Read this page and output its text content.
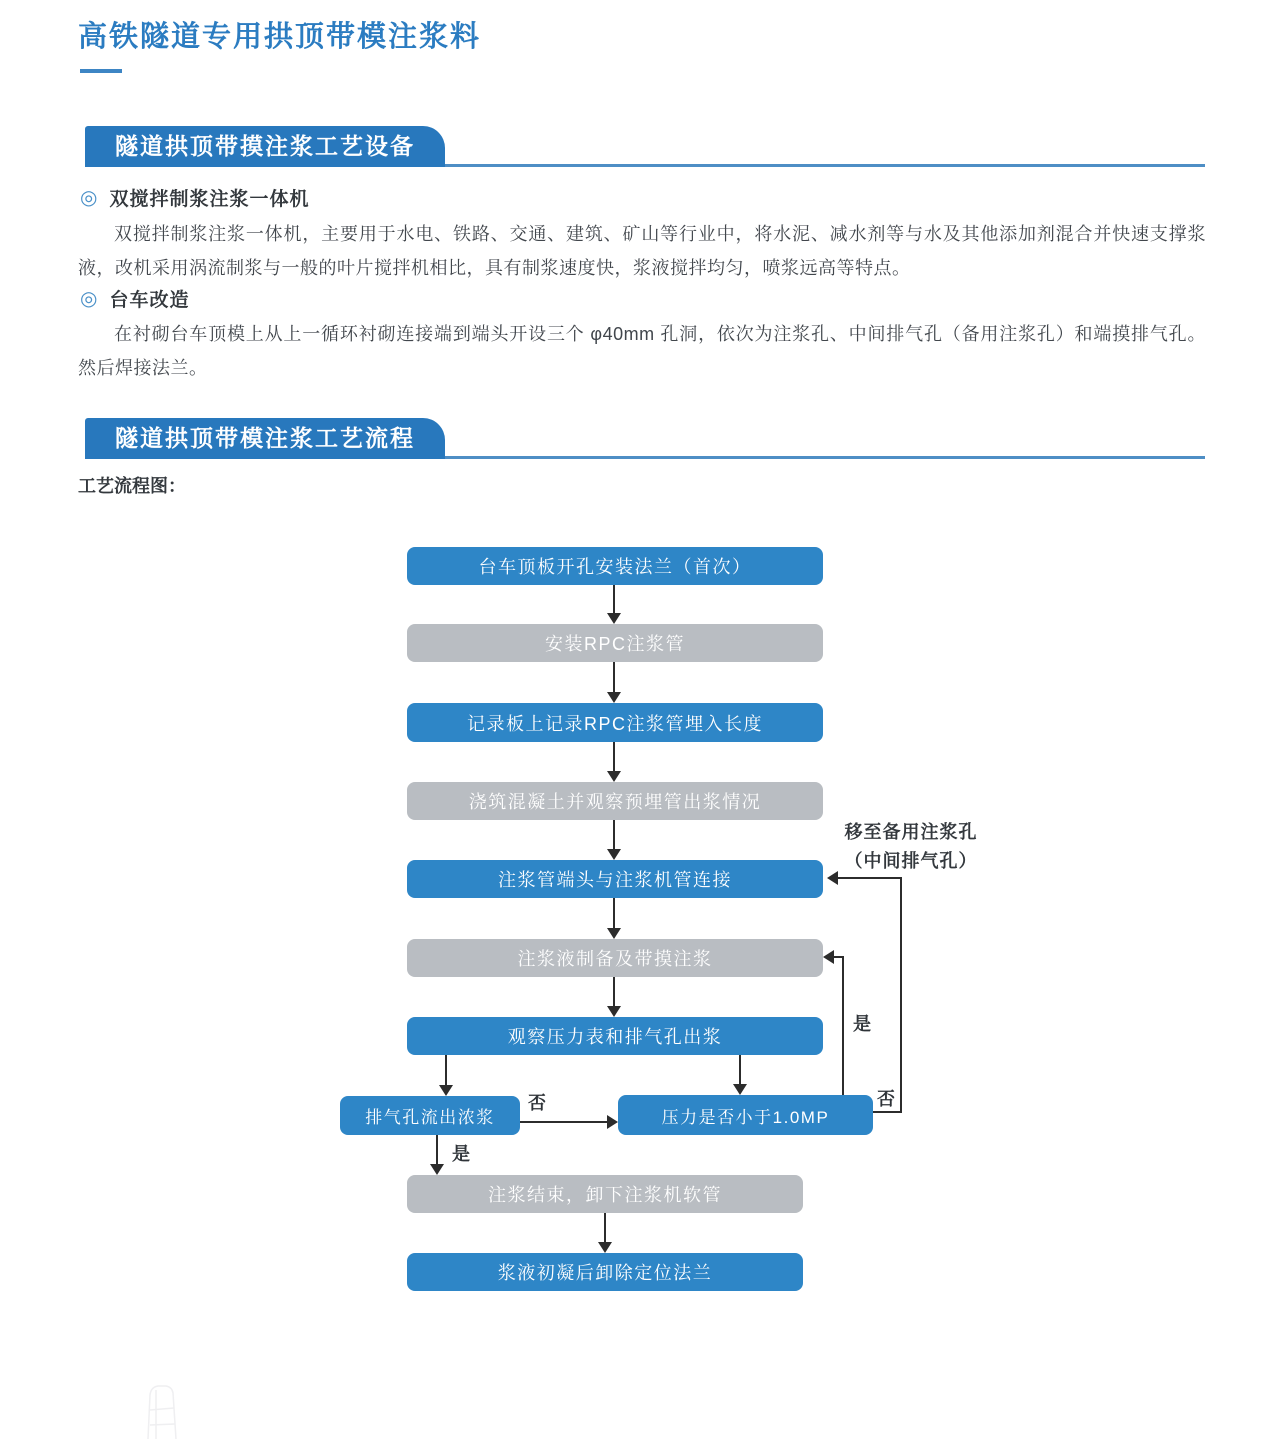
高铁隧道专用拱顶带模注浆料
隧道拱顶带摸注浆工艺设备
◎ 双搅拌制浆注浆一体机

双搅拌制浆注浆一体机，主要用于水电、铁路、交通、建筑、矿山等行业中，将水泥、减水剂等与水及其他添加剂混合并快速支撑浆液，改机采用涡流制浆与一般的叶片搅拌机相比，具有制浆速度快，浆液搅拌均匀，喷浆远高等特点。

◎ 台车改造

在衬砌台车顶模上从上一循环衬砌连接端到端头开设三个 φ40mm 孔洞，依次为注浆孔、中间排气孔（备用注浆孔）和端摸排气孔。然后焊接法兰。

隧道拱顶带模注浆工艺流程
工艺流程图：
台车顶板开孔安装法兰（首次）
安装RPC注浆管
记录板上记录RPC注浆管埋入长度
浇筑混凝土并观察预埋管出浆情况
注浆管端头与注浆机管连接
注浆液制备及带摸注浆
观察压力表和排气孔出浆
排气孔流出浓浆	压力是否小于1.0MP
注浆结束，卸下注浆机软管
浆液初凝后卸除定位法兰
否
是
是
否
移至备用注浆孔
（中间排气孔）
